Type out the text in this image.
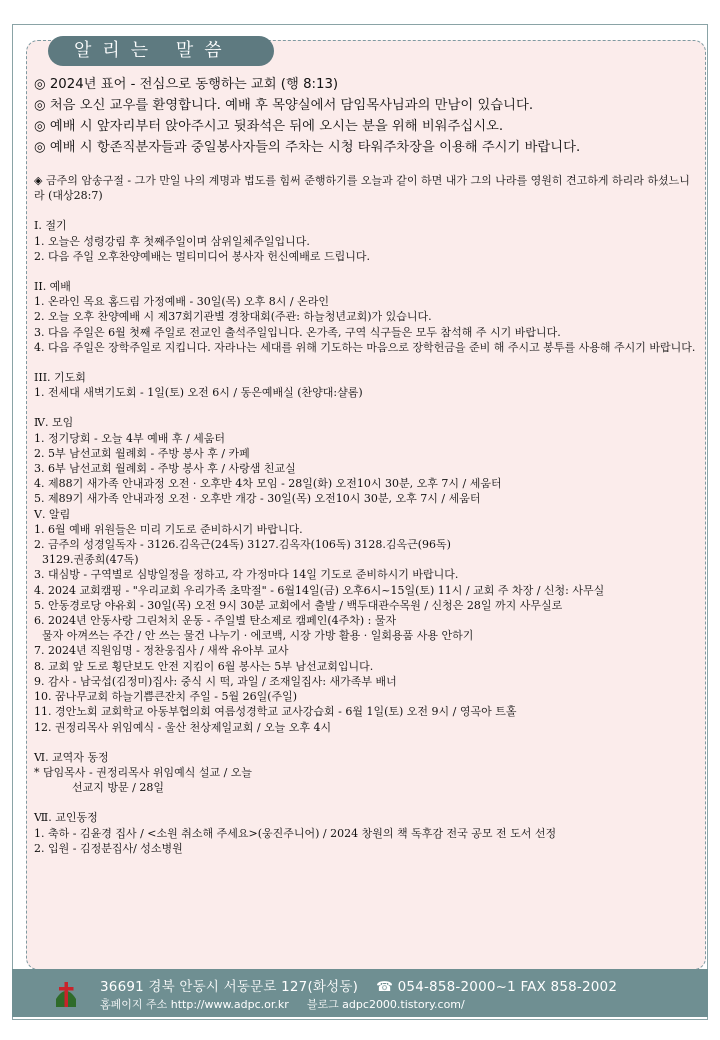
알리는 말씀

◎ 2024년 표어 - 전심으로 동행하는 교회 (행 8:13)

◎ 처음 오신 교우를 환영합니다. 예배 후 목양실에서 담임목사님과의 만남이 있습니다.

◎ 예배 시 앞자리부터 앉아주시고 뒷좌석은 뒤에 오시는 분을 위해 비워주십시오.

◎ 예배 시 항존직분자들과 중일봉사자들의 주차는 시청 타워주차장을 이용해 주시기 바랍니다.

◈ 금주의 암송구절 - 그가 만일 나의 계명과 법도를 힘써 준행하기를 오늘과 같이 하면 내가 그의 나라를 영원히 견고하게 하리라 하셨느니라 (대상28:7)

I. 절기

1. 오늘은 성령강림 후 첫째주일이며 삼위일체주일입니다.

2. 다음 주일 오후찬양예배는 멀티미디어 봉사자 헌신예배로 드립니다.

II. 예배

1. 온라인 목요 홈드림 가정예배 - 30일(목) 오후 8시 / 온라인

2. 오늘 오후 찬양예배 시 제37회기관별 경창대회(주관: 하늘청년교회)가 있습니다.

3. 다음 주일은 6월 첫째 주일로 전교인 출석주일입니다. 온가족, 구역 식구들은 모두 참석해 주 시기 바랍니다.

4. 다음 주일은 장학주일로 지킵니다. 자라나는 세대를 위해 기도하는 마음으로 장학헌금을 준비 해 주시고 봉투를 사용해 주시기 바랍니다.

III. 기도회

1. 전세대 새벽기도회 - 1일(토) 오전 6시 / 동은예배실 (찬양대:샬롬)

Ⅳ. 모임

1. 정기당회 - 오늘 4부 예배 후 / 세움터

2. 5부 남선교회 월례회 - 주방 봉사 후 / 카페

3. 6부 남선교회 월례회 - 주방 봉사 후 / 사랑샘 친교실

4. 제88기 새가족 안내과정 오전 · 오후반 4차 모임 - 28일(화) 오전10시 30분, 오후 7시 / 세움터

5. 제89기 새가족 안내과정 오전 · 오후반 개강 - 30일(목) 오전10시 30분, 오후 7시 / 세움터

Ⅴ. 알림

1. 6월 예배 위원들은 미리 기도로 준비하시기 바랍니다.

2. 금주의 성경일독자 - 3126.김옥근(24독) 3127.김옥자(106독) 3128.김옥근(96독)

3129.권종희(47독)

3. 대심방 - 구역별로 심방일정을 정하고, 각 가정마다 14일 기도로 준비하시기 바랍니다.

4. 2024 교회캠핑 - "우리교회 우리가족 초막절" - 6월14일(금) 오후6시~15일(토) 11시 / 교회 주 차장 / 신청: 사무실

5. 안동경로당 야유회 - 30일(목) 오전 9시 30분 교회에서 출발 / 백두대관수목원 / 신청은 28일 까지 사무실로

6. 2024년 안동사랑 그린처치 운동 - 주일별 탄소제로 캠페인(4주차) : 물자

물자 아껴쓰는 주간 / 안 쓰는 물건 나누기 · 에코백, 시장 가방 활용 · 일회용품 사용 안하기

7. 2024년 직원임명 - 정찬웅집사 / 새싹 유아부 교사

8. 교회 앞 도로 횡단보도 안전 지킴이 6월 봉사는 5부 남선교회입니다.

9. 감사 - 남국섭(김정미)집사: 중식 시 떡, 과일 / 조재일집사: 새가족부 배너

10. 꿈나무교회 하늘기쁨큰잔치 주일 - 5월 26일(주일)

11. 경안노회 교회학교 아동부협의회 여름성경학교 교사강습회 - 6월 1일(토) 오전 9시 / 영곡아 트홀

12. 권정리목사 위임예식 - 울산 천상제일교회 / 오늘 오후 4시

Ⅵ. 교역자 동정

* 담임목사 - 권정리목사 위임예식 설교 / 오늘

선교지 방문 / 28일

Ⅶ. 교인동정

1. 축하 - 김윤경 집사 / <소원 취소해 주세요>(웅진주니어) / 2024 창원의 책 독후감 전국 공모 전 도서 선정

2. 입원 - 김정분집사/ 성소병원

36691 경북 안동시 서동문로 127(화성동) ☎ 054-858-2000~1 FAX 858-2002
홈페이지 주소 http://www.adpc.or.kr 블로그 adpc2000.tistory.com/
